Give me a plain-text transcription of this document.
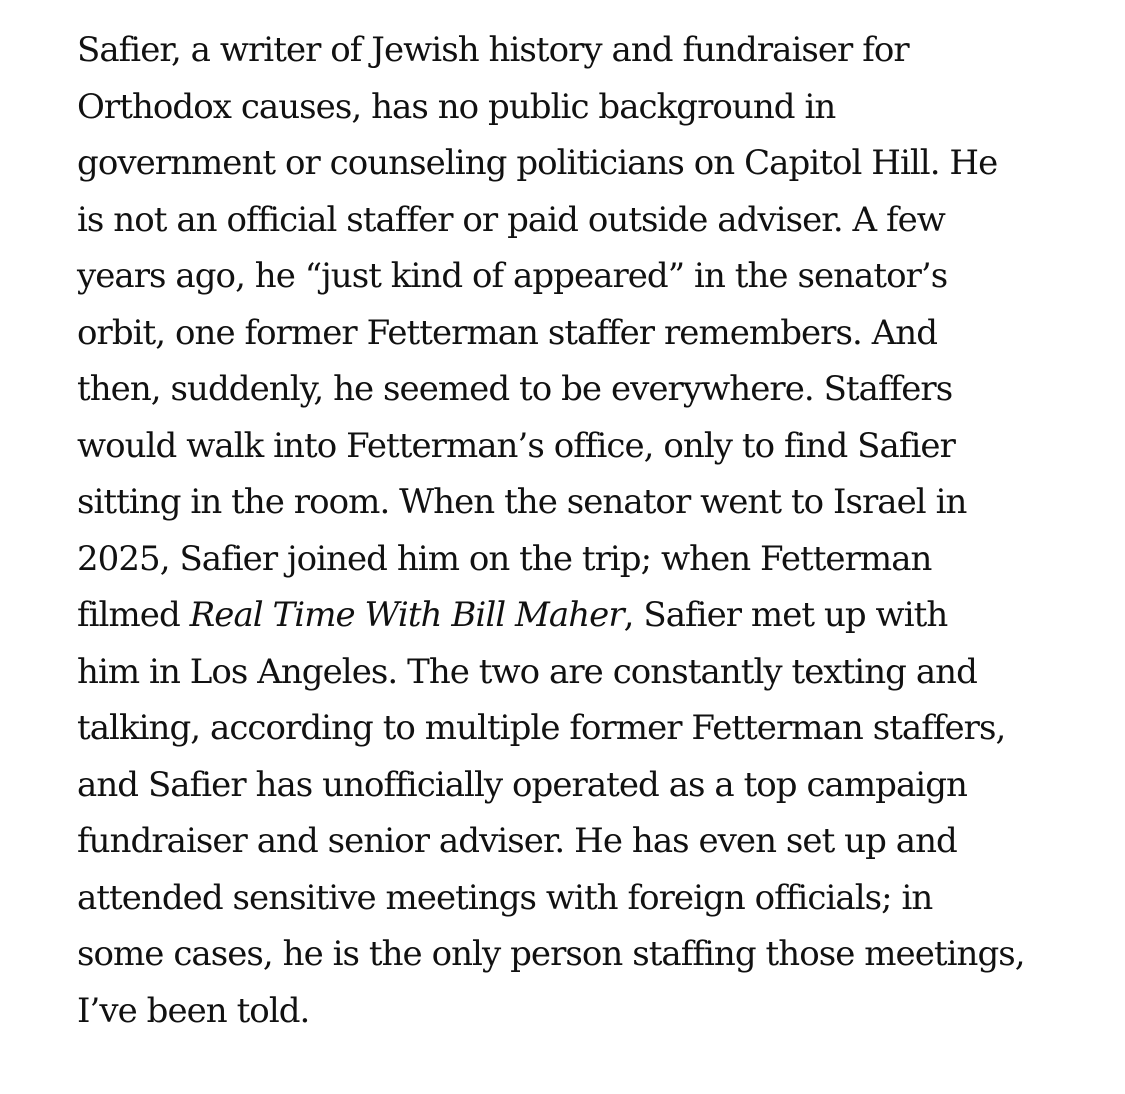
Safier, a writer of Jewish history and fundraiser for
Orthodox causes, has no public background in
government or counseling politicians on Capitol Hill. He
is not an official staffer or paid outside adviser. A few
years ago, he “just kind of appeared” in the senator’s
orbit, one former Fetterman staffer remembers. And
then, suddenly, he seemed to be everywhere. Staffers
would walk into Fetterman’s office, only to find Safier
sitting in the room. When the senator went to Israel in
2025, Safier joined him on the trip; when Fetterman
filmed Real Time With Bill Maher, Safier met up with
him in Los Angeles. The two are constantly texting and
talking, according to multiple former Fetterman staffers,
and Safier has unofficially operated as a top campaign
fundraiser and senior adviser. He has even set up and
attended sensitive meetings with foreign officials; in
some cases, he is the only person staffing those meetings,
I’ve been told.
